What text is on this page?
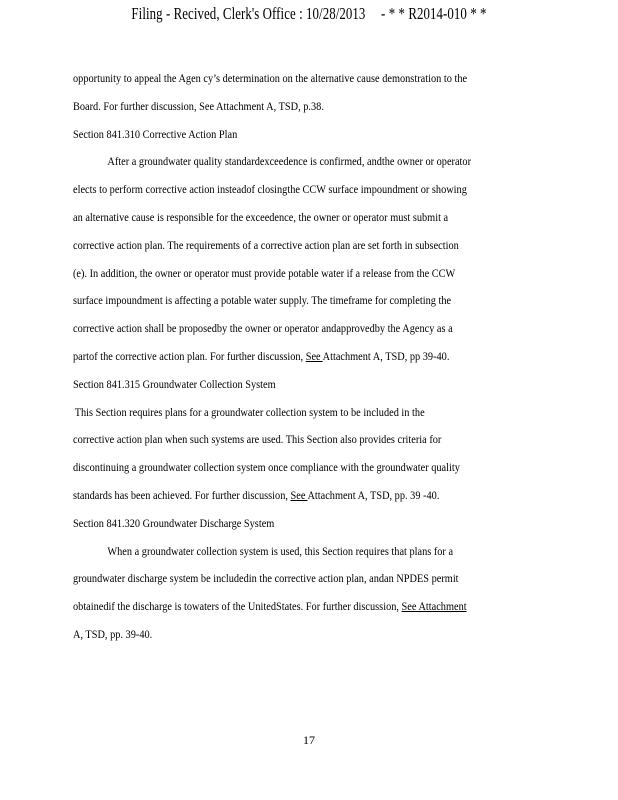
Filing - Recived, Clerk's Office : 10/28/2013 - * * R2014-010 * *
opportunity to appeal the Agen cy’s determination on the alternative cause demonstration to the
Board. For further discussion, See Attachment A, TSD, p.38.
Section 841.310 Corrective Action Plan
After a groundwater quality standardexceedence is confirmed, andthe owner or operator
elects to perform corrective action insteadof closingthe CCW surface impoundment or showing
an alternative cause is responsible for the exceedence, the owner or operator must submit a
corrective action plan. The requirements of a corrective action plan are set forth in subsection
(e). In addition, the owner or operator must provide potable water if a release from the CCW
surface impoundment is affecting a potable water supply. The timeframe for completing the
corrective action shall be proposedby the owner or operator andapprovedby the Agency as a
partof the corrective action plan. For further discussion, See Attachment A, TSD, pp 39-40.
Section 841.315 Groundwater Collection System
This Section requires plans for a groundwater collection system to be included in the
corrective action plan when such systems are used. This Section also provides criteria for
discontinuing a groundwater collection system once compliance with the groundwater quality
standards has been achieved. For further discussion, See Attachment A, TSD, pp. 39 -40.
Section 841.320 Groundwater Discharge System
When a groundwater collection system is used, this Section requires that plans for a
groundwater discharge system be includedin the corrective action plan, andan NPDES permit
obtainedif the discharge is towaters of the UnitedStates. For further discussion, See Attachment
A, TSD, pp. 39-40.
17
